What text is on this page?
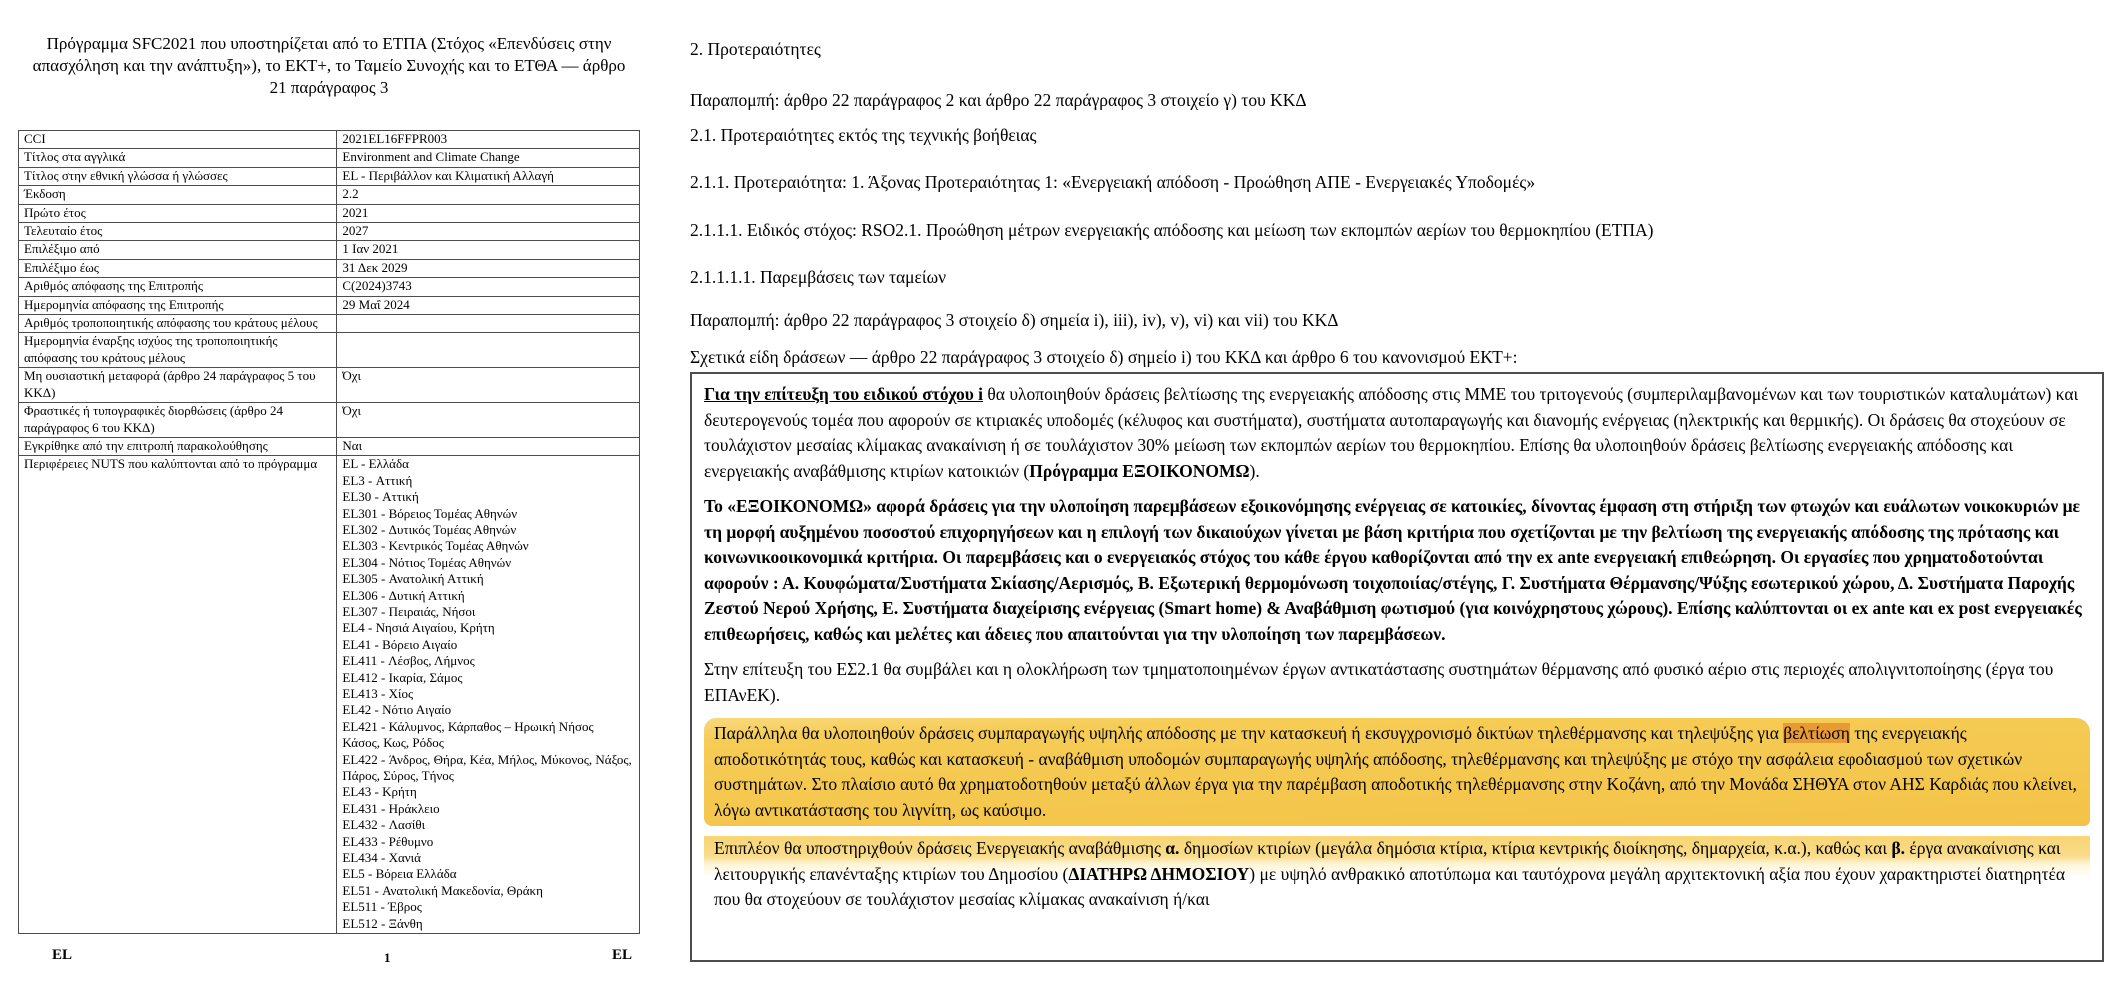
Πρόγραμμα SFC2021 που υποστηρίζεται από το ΕΤΠΑ (Στόχος «Επενδύσεις στην απασχόληση και την ανάπτυξη»), το ΕΚΤ+, το Ταμείο Συνοχής και το ΕΤΘΑ — άρθρο 21 παράγραφος 3
CCI	2021EL16FFPR003
Τίτλος στα αγγλικά	Environment and Climate Change
Τίτλος στην εθνική γλώσσα ή γλώσσες	EL - Περιβάλλον και Κλιματική Αλλαγή
Έκδοση	2.2
Πρώτο έτος	2021
Τελευταίο έτος	2027
Επιλέξιμο από	1 Ιαν 2021
Επιλέξιμο έως	31 Δεκ 2029
Αριθμός απόφασης της Επιτροπής	C(2024)3743
Ημερομηνία απόφασης της Επιτροπής	29 Μαΐ 2024
Αριθμός τροποποιητικής απόφασης του κράτους μέλους	
Ημερομηνία έναρξης ισχύος της τροποποιητικής απόφασης του κράτους μέλους	
Μη ουσιαστική μεταφορά (άρθρο 24 παράγραφος 5 του ΚΚΔ)	Όχι
Φραστικές ή τυπογραφικές διορθώσεις (άρθρο 24 παράγραφος 6 του ΚΚΔ)	Όχι
Εγκρίθηκε από την επιτροπή παρακολούθησης	Ναι
Περιφέρειες NUTS που καλύπτονται από το πρόγραμμα	EL - Ελλάδα
EL3 - Αττική
EL30 - Αττική
EL301 - Βόρειος Τομέας Αθηνών
EL302 - Δυτικός Τομέας Αθηνών
EL303 - Κεντρικός Τομέας Αθηνών
EL304 - Νότιος Τομέας Αθηνών
EL305 - Ανατολική Αττική
EL306 - Δυτική Αττική
EL307 - Πειραιάς, Νήσοι
EL4 - Νησιά Αιγαίου, Κρήτη
EL41 - Βόρειο Αιγαίο
EL411 - Λέσβος, Λήμνος
EL412 - Ικαρία, Σάμος
EL413 - Χίος
EL42 - Νότιο Αιγαίο
EL421 - Κάλυμνος, Κάρπαθος – Ηρωική Νήσος Κάσος, Κως, Ρόδος
EL422 - Άνδρος, Θήρα, Κέα, Μήλος, Μύκονος, Νάξος, Πάρος, Σύρος, Τήνος
EL43 - Κρήτη
EL431 - Ηράκλειο
EL432 - Λασίθι
EL433 - Ρέθυμνο
EL434 - Χανιά
EL5 - Βόρεια Ελλάδα
EL51 - Ανατολική Μακεδονία, Θράκη
EL511 - Έβρος
EL512 - Ξάνθη
EL	1	EL
2. Προτεραιότητες
Παραπομπή: άρθρο 22 παράγραφος 2 και άρθρο 22 παράγραφος 3 στοιχείο γ) του ΚΚΔ
2.1. Προτεραιότητες εκτός της τεχνικής βοήθειας
2.1.1. Προτεραιότητα: 1. Άξονας Προτεραιότητας 1: «Ενεργειακή απόδοση - Προώθηση ΑΠΕ - Ενεργειακές Υποδομές»
2.1.1.1. Ειδικός στόχος: RSO2.1. Προώθηση μέτρων ενεργειακής απόδοσης και μείωση των εκπομπών αερίων του θερμοκηπίου (ΕΤΠΑ)
2.1.1.1.1. Παρεμβάσεις των ταμείων
Παραπομπή: άρθρο 22 παράγραφος 3 στοιχείο δ) σημεία i), iii), iv), v), vi) και vii) του ΚΚΔ
Σχετικά είδη δράσεων — άρθρο 22 παράγραφος 3 στοιχείο δ) σημείο i) του ΚΚΔ και άρθρο 6 του κανονισμού ΕΚΤ+:

Για την επίτευξη του ειδικού στόχου i θα υλοποιηθούν δράσεις βελτίωσης της ενεργειακής απόδοσης στις ΜΜΕ του τριτογενούς (συμπεριλαμβανομένων και των τουριστικών καταλυμάτων) και δευτερογενούς τομέα που αφορούν σε κτιριακές υποδομές (κέλυφος και συστήματα), συστήματα αυτοπαραγωγής και διανομής ενέργειας (ηλεκτρικής και θερμικής). Οι δράσεις θα στοχεύουν σε τουλάχιστον μεσαίας κλίμακας ανακαίνιση ή σε τουλάχιστον 30% μείωση των εκπομπών αερίων του θερμοκηπίου. Επίσης θα υλοποιηθούν δράσεις βελτίωσης ενεργειακής απόδοσης και ενεργειακής αναβάθμισης κτιρίων κατοικιών (Πρόγραμμα ΕΞΟΙΚΟΝΟΜΩ).

Το «ΕΞΟΙΚΟΝΟΜΩ» αφορά δράσεις για την υλοποίηση παρεμβάσεων εξοικονόμησης ενέργειας σε κατοικίες, δίνοντας έμφαση στη στήριξη των φτωχών και ευάλωτων νοικοκυριών με τη μορφή αυξημένου ποσοστού επιχορηγήσεων και η επιλογή των δικαιούχων γίνεται με βάση κριτήρια που σχετίζονται με την βελτίωση της ενεργειακής απόδοσης της πρότασης και κοινωνικοοικονομικά κριτήρια. Οι παρεμβάσεις και ο ενεργειακός στόχος του κάθε έργου καθορίζονται από την ex ante ενεργειακή επιθεώρηση. Οι εργασίες που χρηματοδοτούνται αφορούν : Α. Κουφώματα/Συστήματα Σκίασης/Αερισμός, Β. Εξωτερική θερμομόνωση τοιχοποιίας/στέγης, Γ. Συστήματα Θέρμανσης/Ψύξης εσωτερικού χώρου, Δ. Συστήματα Παροχής Ζεστού Νερού Χρήσης, Ε. Συστήματα διαχείρισης ενέργειας (Smart home) & Αναβάθμιση φωτισμού (για κοινόχρηστους χώρους). Επίσης καλύπτονται οι ex ante και ex post ενεργειακές επιθεωρήσεις, καθώς και μελέτες και άδειες που απαιτούνται για την υλοποίηση των παρεμβάσεων.

Στην επίτευξη του ΕΣ2.1 θα συμβάλει και η ολοκλήρωση των τμηματοποιημένων έργων αντικατάστασης συστημάτων θέρμανσης από φυσικό αέριο στις περιοχές απολιγνιτοποίησης (έργα του ΕΠΑνΕΚ).

Παράλληλα θα υλοποιηθούν δράσεις συμπαραγωγής υψηλής απόδοσης με την κατασκευή ή εκσυγχρονισμό δικτύων τηλεθέρμανσης και τηλεψύξης για βελτίωση της ενεργειακής αποδοτικότητάς τους, καθώς και κατασκευή - αναβάθμιση υποδομών συμπαραγωγής υψηλής απόδοσης, τηλεθέρμανσης και τηλεψύξης με στόχο την ασφάλεια εφοδιασμού των σχετικών συστημάτων. Στο πλαίσιο αυτό θα χρηματοδοτηθούν μεταξύ άλλων έργα για την παρέμβαση αποδοτικής τηλεθέρμανσης στην Κοζάνη, από την Μονάδα ΣΗΘΥΑ στον ΑΗΣ Καρδιάς που κλείνει, λόγω αντικατάστασης του λιγνίτη, ως καύσιμο.

Επιπλέον θα υποστηριχθούν δράσεις Ενεργειακής αναβάθμισης α. δημοσίων κτιρίων (μεγάλα δημόσια κτίρια, κτίρια κεντρικής διοίκησης, δημαρχεία, κ.α.), καθώς και β. έργα ανακαίνισης και λειτουργικής επανένταξης κτιρίων του Δημοσίου (ΔΙΑΤΗΡΩ ΔΗΜΟΣΙΟΥ) με υψηλό ανθρακικό αποτύπωμα και ταυτόχρονα μεγάλη αρχιτεκτονική αξία που έχουν χαρακτηριστεί διατηρητέα που θα στοχεύουν σε τουλάχιστον μεσαίας κλίμακας ανακαίνιση ή/και
